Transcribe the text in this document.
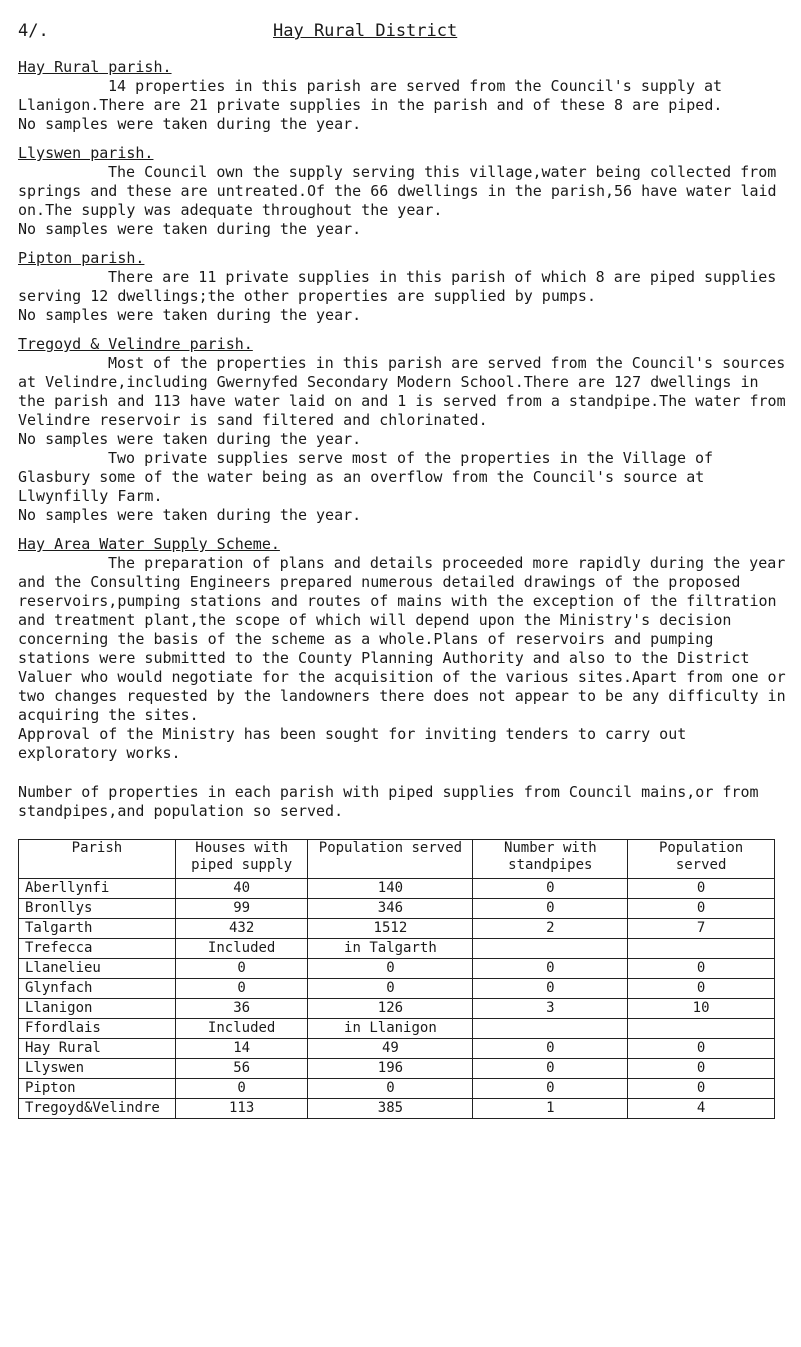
4/.	Hay Rural District
Hay Rural parish.

14 properties in this parish are served from the Council's supply at Llanigon.There are 21 private supplies in the parish and of these 8 are piped.

No samples were taken during the year.

Llyswen parish.

The Council own the supply serving this village,water being collected from springs and these are untreated.Of the 66 dwellings in the parish,56 have water laid on.The supply was adequate throughout the year.

No samples were taken during the year.

Pipton parish.

There are 11 private supplies in this parish of which 8 are piped supplies serving 12 dwellings;the other properties are supplied by pumps.

No samples were taken during the year.

Tregoyd & Velindre parish.

Most of the properties in this parish are served from the Council's sources at Velindre,including Gwernyfed Secondary Modern School.There are 127 dwellings in the parish and 113 have water laid on and 1 is served from a standpipe.The water from Velindre reservoir is sand filtered and chlorinated.

No samples were taken during the year.

Two private supplies serve most of the properties in the Village of Glasbury some of the water being as an overflow from the Council's source at Llwynfilly Farm.

No samples were taken during the year.

Hay Area Water Supply Scheme.

The preparation of plans and details proceeded more rapidly during the year and the Consulting Engineers prepared numerous detailed drawings of the proposed reservoirs,pumping stations and routes of mains with the exception of the filtration and treatment plant,the scope of which will depend upon the Ministry's decision concerning the basis of the scheme as a whole.Plans of reservoirs and pumping stations were submitted to the County Planning Authority and also to the District Valuer who would negotiate for the acquisition of the various sites.Apart from one or two changes requested by the landowners there does not appear to be any difficulty in acquiring the sites.

Approval of the Ministry has been sought for inviting tenders to carry out exploratory works.

Number of properties in each parish with piped supplies from Council mains,or from standpipes,and population so served.

Parish	Houses with piped supply	Population served	Number with standpipes	Population served
Aberllynfi	40	140	0	0
Bronllys	99	346	0	0
Talgarth	432	1512	2	7
Trefecca	Included	in Talgarth		
Llanelieu	0	0	0	0
Glynfach	0	0	0	0
Llanigon	36	126	3	10
Ffordlais	Included	in Llanigon		
Hay Rural	14	49	0	0
Llyswen	56	196	0	0
Pipton	0	0	0	0
Tregoyd&Velindre	113	385	1	4
